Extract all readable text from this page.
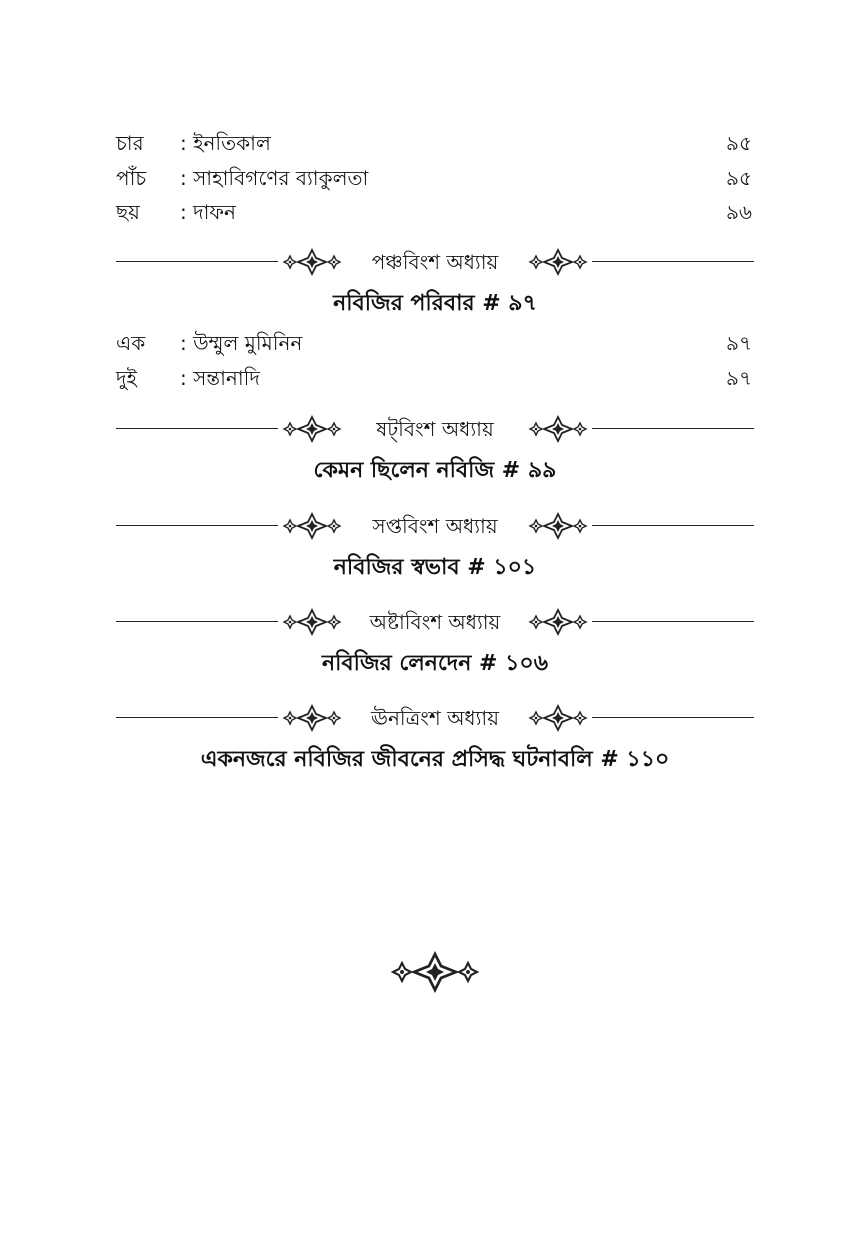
চার : ইনতিকাল	৯৫
পাঁচ : সাহাবিগণের ব্যাকুলতা	৯৫
ছয় : দাফন	৯৬
পঞ্চবিংশ অধ্যায়
নবিজির পরিবার # ৯৭
এক : উম্মুল মুমিনিন	৯৭
দুই : সন্তানাদি	৯৭
ষট্‌বিংশ অধ্যায়
কেমন ছিলেন নবিজি # ৯৯
সপ্তবিংশ অধ্যায়
নবিজির স্বভাব # ১০১
অষ্টাবিংশ অধ্যায়
নবিজির লেনদেন # ১০৬
ঊনত্রিংশ অধ্যায়
একনজরে নবিজির জীবনের প্রসিদ্ধ ঘটনাবলি # ১১০
